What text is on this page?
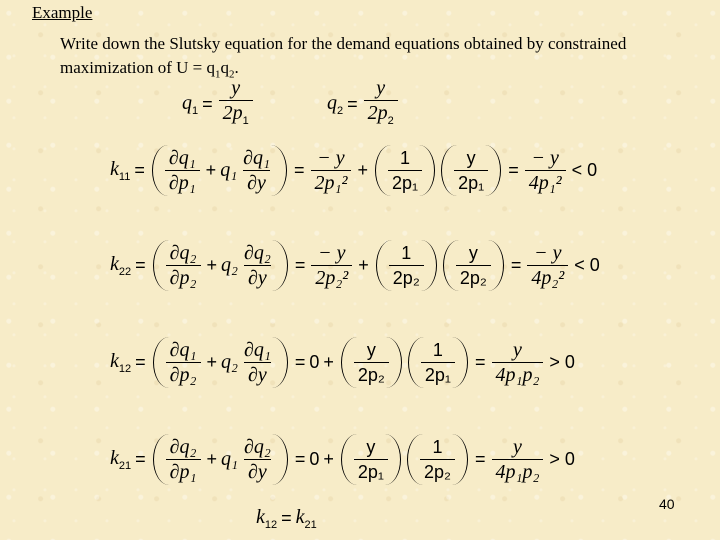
Example
Write down the Slutsky equation for the demand equations obtained by constrained maximization of $U = q_1q_2$.
$q_1 = \frac{y}{2p_1}$	$q_2 = \frac{y}{2p_2}$
$k_{11} = \frac{\text{∂q₁}}{\text{∂p₁}} + q_1 \frac{\text{∂q₁}}{\partial y} = \frac{- y}{\text{2p₁²}} + \frac{1}{\text{2p₁}} \frac{y}{\text{2p₁}} = \frac{- y}{\text{4p₁²}} < 0$
$k_{22} = \frac{\text{∂q₂}}{\text{∂p₂}} + q_2 \frac{\text{∂q₂}}{\partial y} = \frac{- y}{\text{2p₂²}} + \frac{1}{\text{2p₂}} \frac{y}{\text{2p₂}} = \frac{- y}{\text{4p₂²}} < 0$
$k_{12} = \frac{\text{∂q₁}}{\text{∂p₂}} + q_2 \frac{\text{∂q₁}}{\partial y} = 0 + \frac{y}{\text{2p₂}} \frac{1}{\text{2p₁}} = \frac{y}{\text{4p₁p₂}} > 0$
$k_{21} = \frac{\text{∂q₂}}{\text{∂p₁}} + q_1 \frac{\text{∂q₂}}{\partial y} = 0 + \frac{y}{\text{2p₁}} \frac{1}{\text{2p₂}} = \frac{y}{\text{4p₁p₂}} > 0$
$k_{12} = k_{21}$
40
